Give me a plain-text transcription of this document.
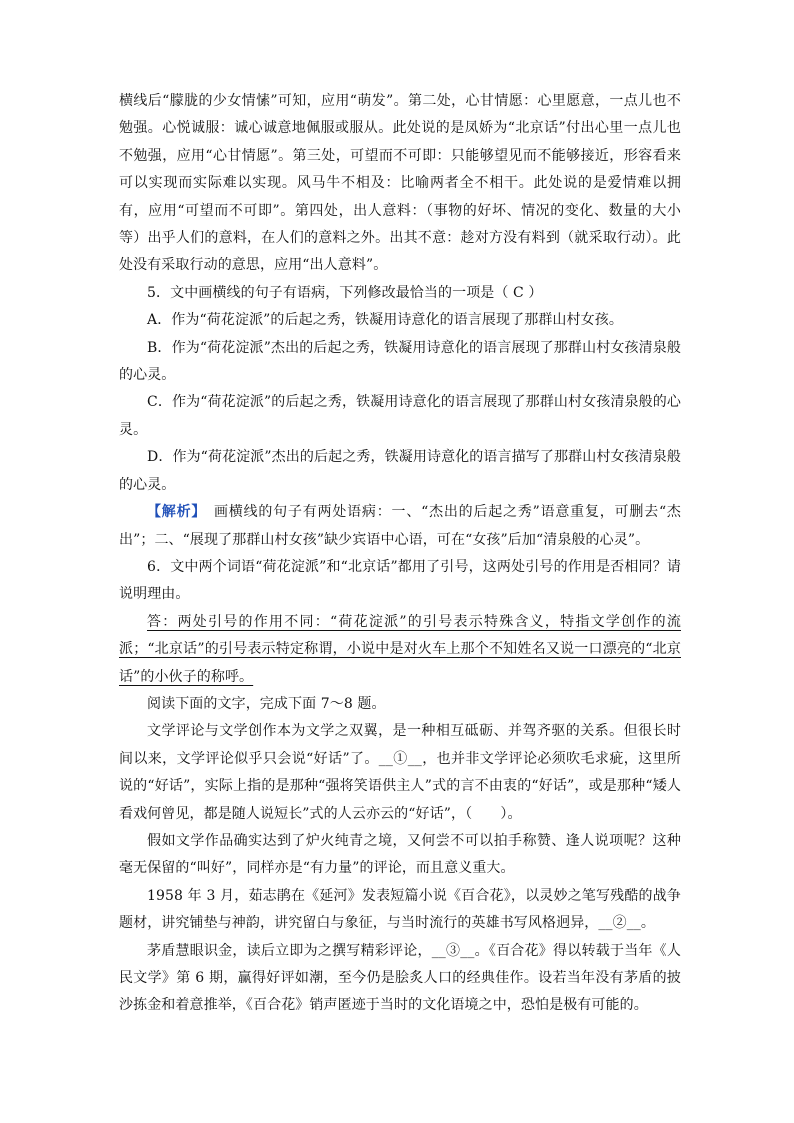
横线后“朦胧的少女情愫”可知，应用“萌发”。第二处，心甘情愿：心里愿意，一点儿也不勉强。心悦诚服：诚心诚意地佩服或服从。此处说的是凤娇为“北京话”付出心里一点儿也不勉强，应用“心甘情愿”。第三处，可望而不可即：只能够望见而不能够接近，形容看来可以实现而实际难以实现。风马牛不相及：比喻两者全不相干。此处说的是爱情难以拥有，应用“可望而不可即”。第四处，出人意料：（事物的好坏、情况的变化、数量的大小等）出乎人们的意料，在人们的意料之外。出其不意：趁对方没有料到（就采取行动）。此处没有采取行动的意思，应用“出人意料”。

5．文中画横线的句子有语病，下列修改最恰当的一项是（ C ）

A．作为“荷花淀派”的后起之秀，铁凝用诗意化的语言展现了那群山村女孩。

B．作为“荷花淀派”杰出的后起之秀，铁凝用诗意化的语言展现了那群山村女孩清泉般的心灵。

C．作为“荷花淀派”的后起之秀，铁凝用诗意化的语言展现了那群山村女孩清泉般的心灵。

D．作为“荷花淀派”杰出的后起之秀，铁凝用诗意化的语言描写了那群山村女孩清泉般的心灵。

【解析】　画横线的句子有两处语病：一、“杰出的后起之秀”语意重复，可删去“杰出”；二、“展现了那群山村女孩”缺少宾语中心语，可在“女孩”后加“清泉般的心灵”。

6．文中两个词语“荷花淀派”和“北京话”都用了引号，这两处引号的作用是否相同？请说明理由。

答：两处引号的作用不同：“荷花淀派”的引号表示特殊含义，特指文学创作的流派；“北京话”的引号表示特定称谓，小说中是对火车上那个不知姓名又说一口漂亮的“北京话”的小伙子的称呼。

阅读下面的文字，完成下面 7～8 题。

文学评论与文学创作本为文学之双翼，是一种相互砥砺、并驾齐驱的关系。但很长时间以来，文学评论似乎只会说“好话”了。__①__，也并非文学评论必须吹毛求疵，这里所说的“好话”，实际上指的是那种“强将笑语供主人”式的言不由衷的“好话”，或是那种“矮人看戏何曾见，都是随人说短长”式的人云亦云的“好话”，（　　）。

假如文学作品确实达到了炉火纯青之境，又何尝不可以拍手称赞、逢人说项呢？这种毫无保留的“叫好”，同样亦是“有力量”的评论，而且意义重大。

1958 年 3 月，茹志鹃在《延河》发表短篇小说《百合花》，以灵妙之笔写残酷的战争题材，讲究铺垫与神韵，讲究留白与象征，与当时流行的英雄书写风格迥异，__②__。

茅盾慧眼识金，读后立即为之撰写精彩评论，__③__。《百合花》得以转载于当年《人民文学》第 6 期，赢得好评如潮，至今仍是脍炙人口的经典佳作。设若当年没有茅盾的披沙拣金和着意推举，《百合花》销声匿迹于当时的文化语境之中，恐怕是极有可能的。
